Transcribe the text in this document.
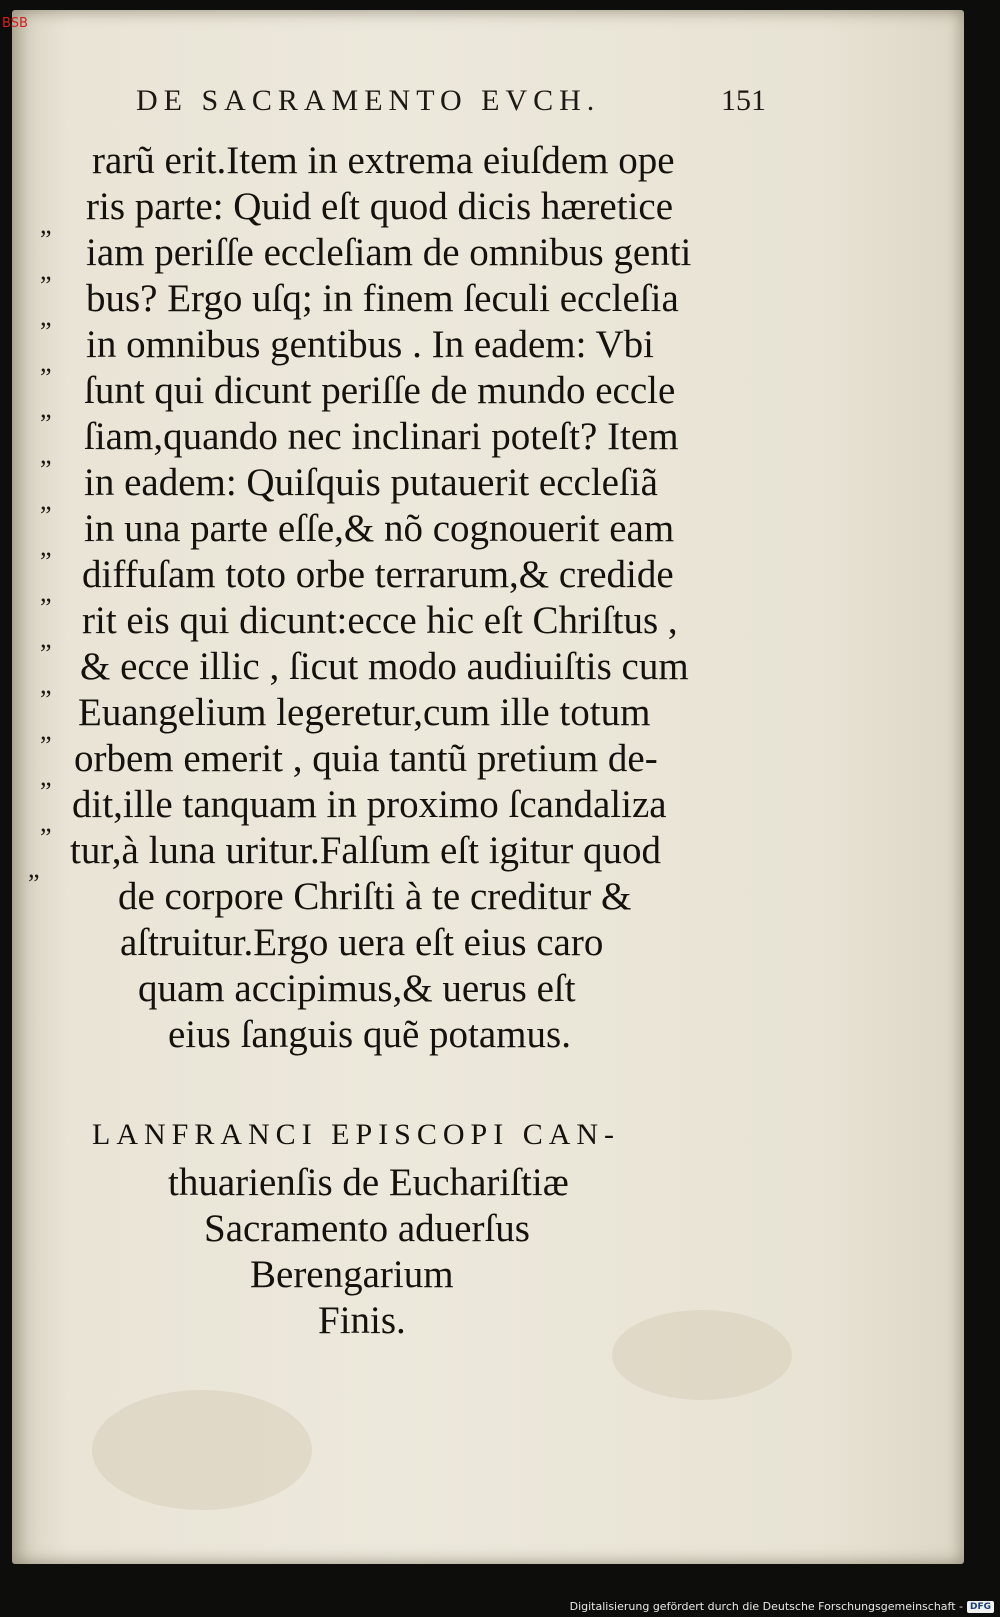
BSB
DE SACRAMENTO EVCH.	151
rarũ erit.Item in extrema eiuſdem ope
„ ris parte: Quid eſt quod dicis hæretice
„ iam periſſe eccleſiam de omnibus genti
„ bus? Ergo uſq; in finem ſeculi eccleſia
„ in omnibus gentibus . In eadem: Vbi
„ ſunt qui dicunt periſſe de mundo eccle
„ ſiam,quando nec inclinari poteſt? Item
„ in eadem: Quiſquis putauerit eccleſiã
„ in una parte eſſe,& nõ cognouerit eam
„ diffuſam toto orbe terrarum,& credide
„ rit eis qui dicunt:ecce hic eſt Chriſtus ,
„ & ecce illic , ſicut modo audiuiſtis cum
„ Euangelium legeretur,cum ille totum
„ orbem emerit , quia tantũ pretium de-
„ dit,ille tanquam in proximo ſcandaliza
„ tur,à luna uritur.Falſum eſt igitur quod
de corpore Chriſti à te creditur &
aſtruitur.Ergo uera eſt eius caro
quam accipimus,& uerus eſt
eius ſanguis quẽ potamus.
LANFRANCI EPISCOPI CAN-
thuarienſis de Euchariſtiæ
Sacramento aduerſus
Berengarium
Finis.
Digitalisierung gefördert durch die Deutsche Forschungsgemeinschaft - DFG
